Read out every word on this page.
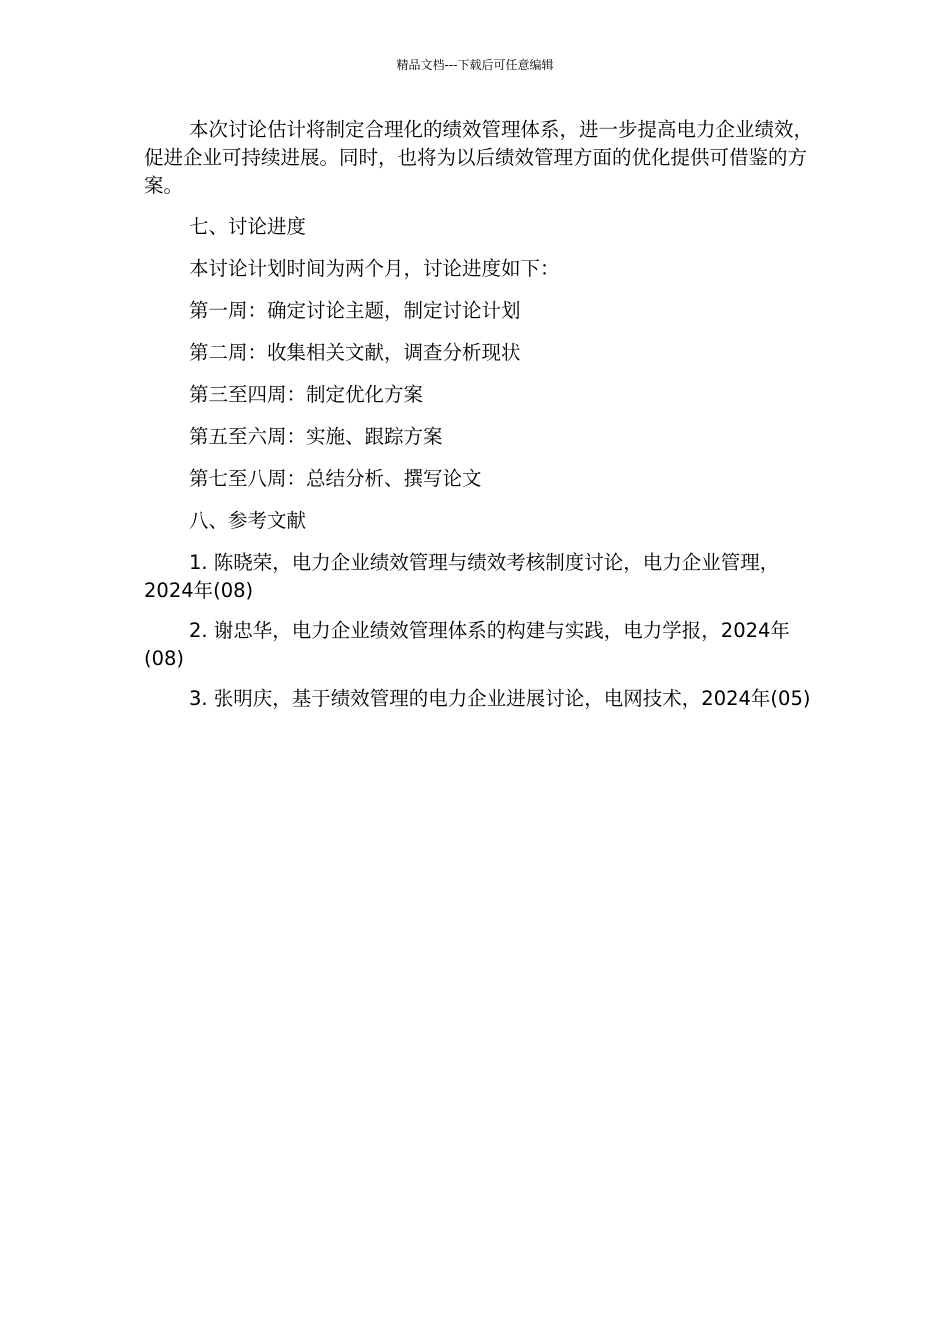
精品文档---下载后可任意编辑

本次讨论估计将制定合理化的绩效管理体系，进一步提高电力企业绩效，促进企业可持续进展。同时，也将为以后绩效管理方面的优化提供可借鉴的方案。

七、讨论进度

本讨论计划时间为两个月，讨论进度如下：

第一周：确定讨论主题，制定讨论计划

第二周：收集相关文献，调查分析现状

第三至四周：制定优化方案

第五至六周：实施、跟踪方案

第七至八周：总结分析、撰写论文

八、参考文献

1. 陈晓荣，电力企业绩效管理与绩效考核制度讨论，电力企业管理，2024年(08)

2. 谢忠华，电力企业绩效管理体系的构建与实践，电力学报，2024年(08)

3. 张明庆，基于绩效管理的电力企业进展讨论，电网技术，2024年(05)
